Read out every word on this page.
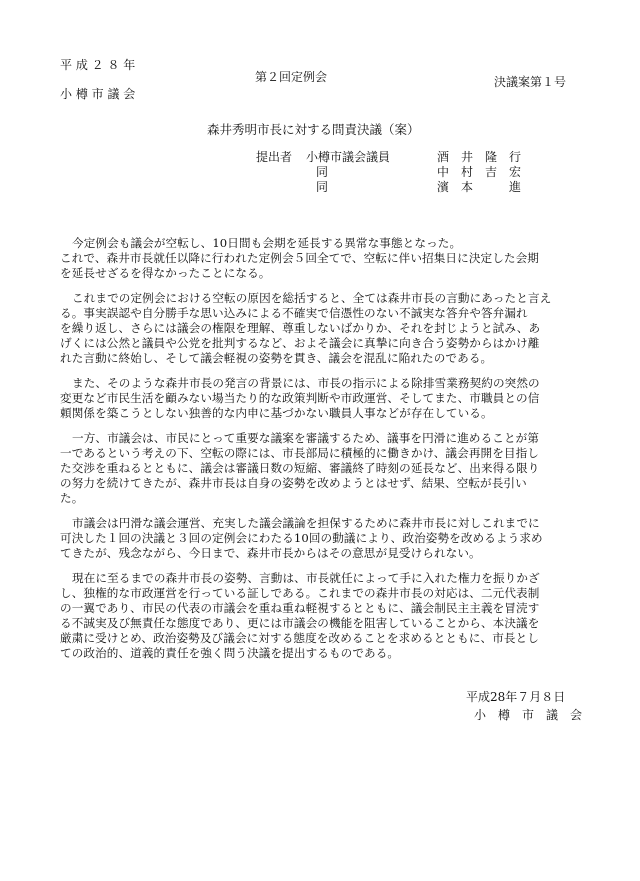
平 成 ２ ８ 年
第２回定例会	決議案第１号
小 樽 市 議 会
森井秀明市長に対する問責決議（案）
提出者 小樽市議会議員
同
同
酒　井　隆　行
中　村　吉　宏
濱　本　　　進
今定例会も議会が空転し、10日間も会期を延長する異常な事態となった。
これで、森井市長就任以降に行われた定例会５回全てで、空転に伴い招集日に決定した会期
を延長せざるを得なかったことになる。
これまでの定例会における空転の原因を総括すると、全ては森井市長の言動にあったと言え
る。事実誤認や自分勝手な思い込みによる不確実で信憑性のない不誠実な答弁や答弁漏れ
を繰り返し、さらには議会の権限を理解、尊重しないばかりか、それを封じようと試み、あ
げくには公然と議員や公党を批判するなど、およそ議会に真摯に向き合う姿勢からはかけ離
れた言動に終始し、そして議会軽視の姿勢を貫き、議会を混乱に陥れたのである。
また、そのような森井市長の発言の背景には、市長の指示による除排雪業務契約の突然の
変更など市民生活を顧みない場当たり的な政策判断や市政運営、そしてまた、市職員との信
頼関係を築こうとしない独善的な内申に基づかない職員人事などが存在している。
一方、市議会は、市民にとって重要な議案を審議するため、議事を円滑に進めることが第
一であるという考えの下、空転の際には、市長部局に積極的に働きかけ、議会再開を目指し
た交渉を重ねるとともに、議会は審議日数の短縮、審議終了時刻の延長など、出来得る限り
の努力を続けてきたが、森井市長は自身の姿勢を改めようとはせず、結果、空転が長引い
た。
市議会は円滑な議会運営、充実した議会議論を担保するために森井市長に対しこれまでに
可決した１回の決議と３回の定例会にわたる10回の動議により、政治姿勢を改めるよう求め
てきたが、残念ながら、今日まで、森井市長からはその意思が見受けられない。
現在に至るまでの森井市長の姿勢、言動は、市長就任によって手に入れた権力を振りかざ
し、独権的な市政運営を行っている証しである。これまでの森井市長の対応は、二元代表制
の一翼であり、市民の代表の市議会を重ね重ね軽視するとともに、議会制民主主義を冒涜す
る不誠実及び無責任な態度であり、更には市議会の機能を阻害していることから、本決議を
厳粛に受けとめ、政治姿勢及び議会に対する態度を改めることを求めるとともに、市長とし
ての政治的、道義的責任を強く問う決議を提出するものである。
平成28年７月８日
小　樽　市　議　会
